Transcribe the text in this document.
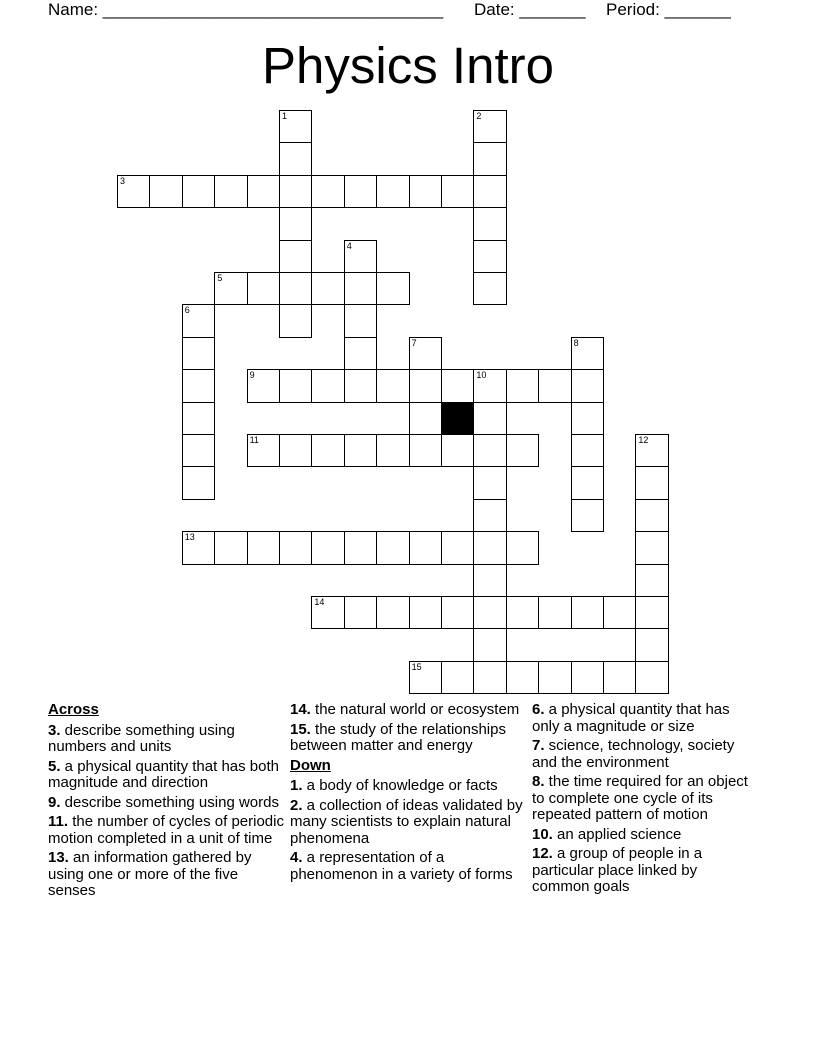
Name: ____________________________________ Date: _______ Period: _______
Physics Intro
1	2
3
4
5
6
7	8
9	10
11	12
13
14
15
Across
3. describe something using numbers and units
5. a physical quantity that has both magnitude and direction
9. describe something using words
11. the number of cycles of periodic motion completed in a unit of time
13. an information gathered by using one or more of the five senses
14. the natural world or ecosystem
15. the study of the relationships between matter and energy
Down
1. a body of knowledge or facts
2. a collection of ideas validated by many scientists to explain natural phenomena
4. a representation of a phenomenon in a variety of forms
6. a physical quantity that has only a magnitude or size
7. science, technology, society and the environment
8. the time required for an object to complete one cycle of its repeated pattern of motion
10. an applied science
12. a group of people in a particular place linked by common goals
